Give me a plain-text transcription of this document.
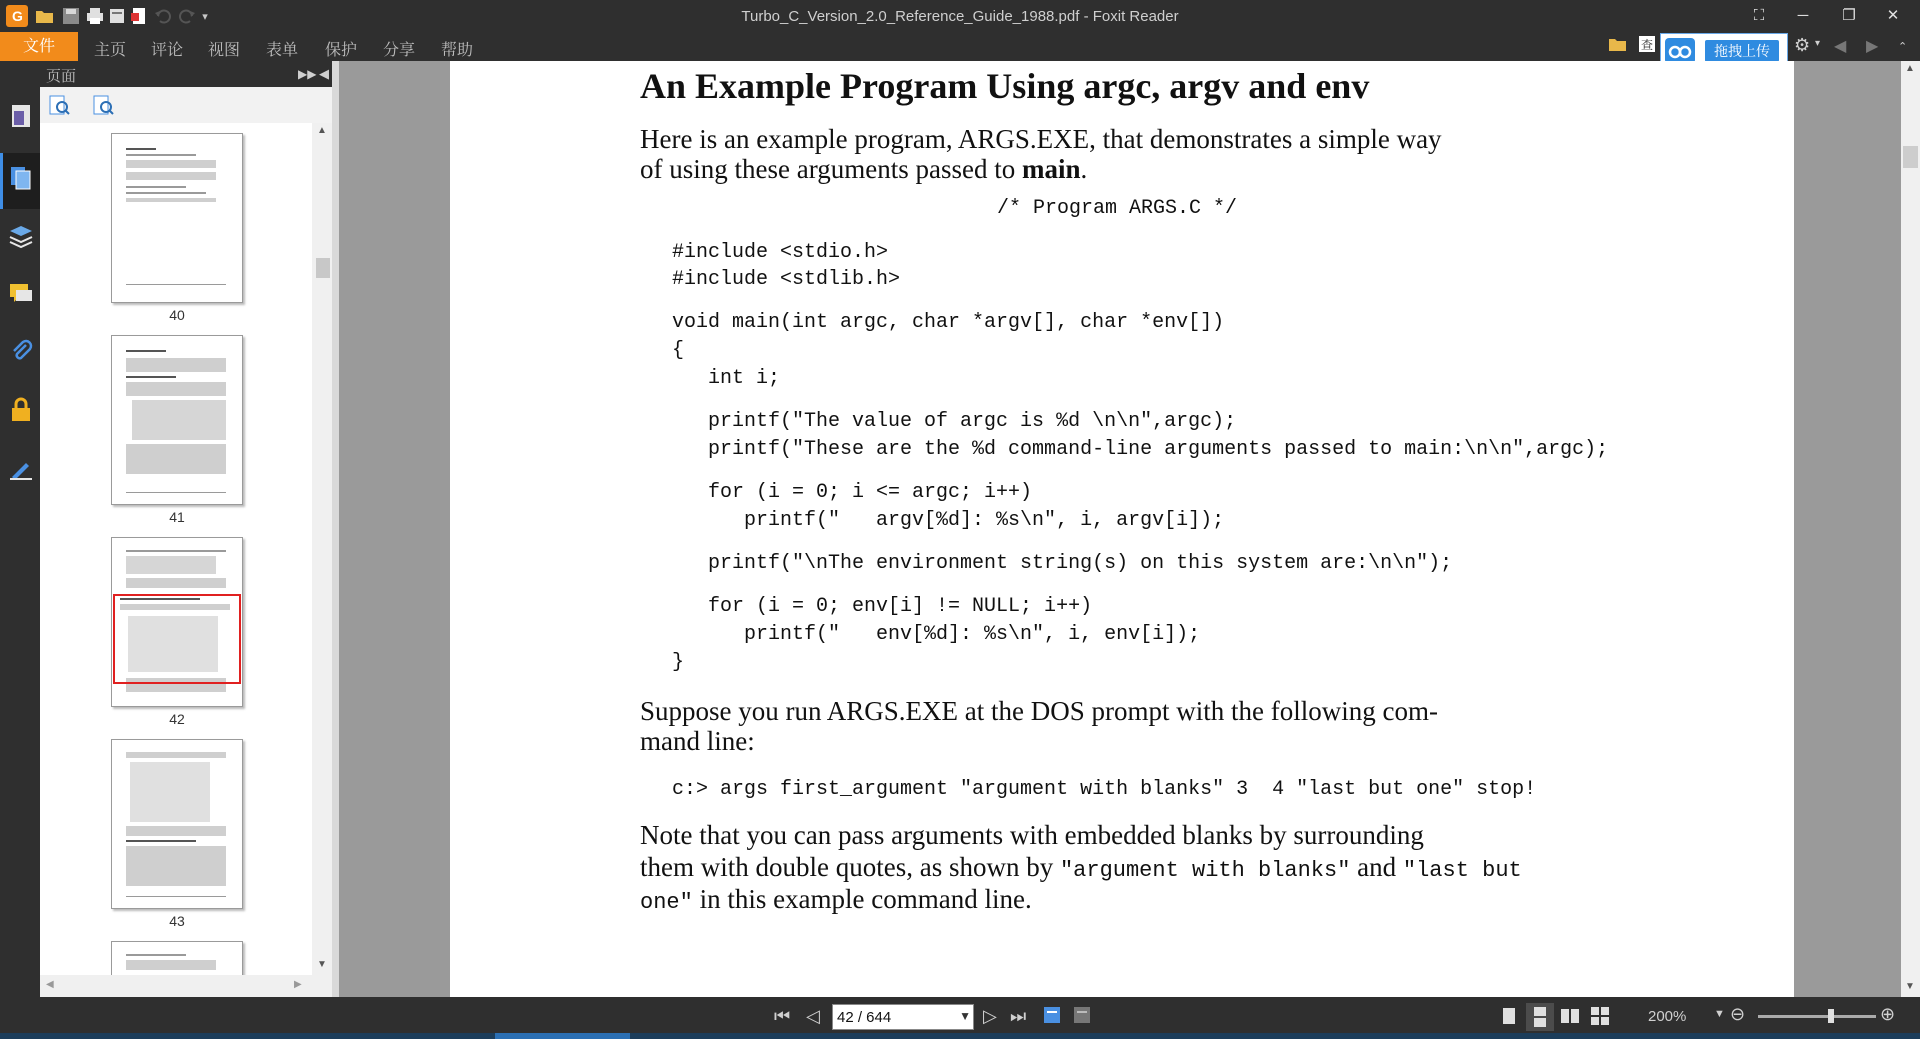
G	▾	Turbo_C_Version_2.0_Reference_Guide_1988.pdf - Foxit Reader	⛶	─	❐	✕
文件	主页 评论 视图 表单 保护 分享 帮助	查	⚙ ▾ ◀ ▶ ⌃
拖拽上传
页面	▶▶ ◀
40
41
42
43
▲
▼
◀	▶
An Example Program Using argc, argv and env
Here is an example program, ARGS.EXE, that demonstrates a simple way
of using these arguments passed to main.
/* Program ARGS.C */
#include <stdio.h>
#include <stdlib.h>
void main(int argc, char *argv[], char *env[])
{
int i;
printf("The value of argc is %d \n\n",argc);
printf("These are the %d command-line arguments passed to main:\n\n",argc);
for (i = 0; i <= argc; i++)
printf("   argv[%d]: %s\n", i, argv[i]);
printf("\nThe environment string(s) on this system are:\n\n");
for (i = 0; env[i] != NULL; i++)
printf("   env[%d]: %s\n", i, env[i]);
}
Suppose you run ARGS.EXE at the DOS prompt with the following com-
mand line:
c:> args first_argument "argument with blanks" 3  4 "last but one" stop!
Note that you can pass arguments with embedded blanks by surrounding
them with double quotes, as shown by "argument with blanks" and "last but
one" in this example command line.
▲
▼
⏮ ◁
42 / 644	▼ ▷ ⏭	200%	▼ ⊖	⊕
